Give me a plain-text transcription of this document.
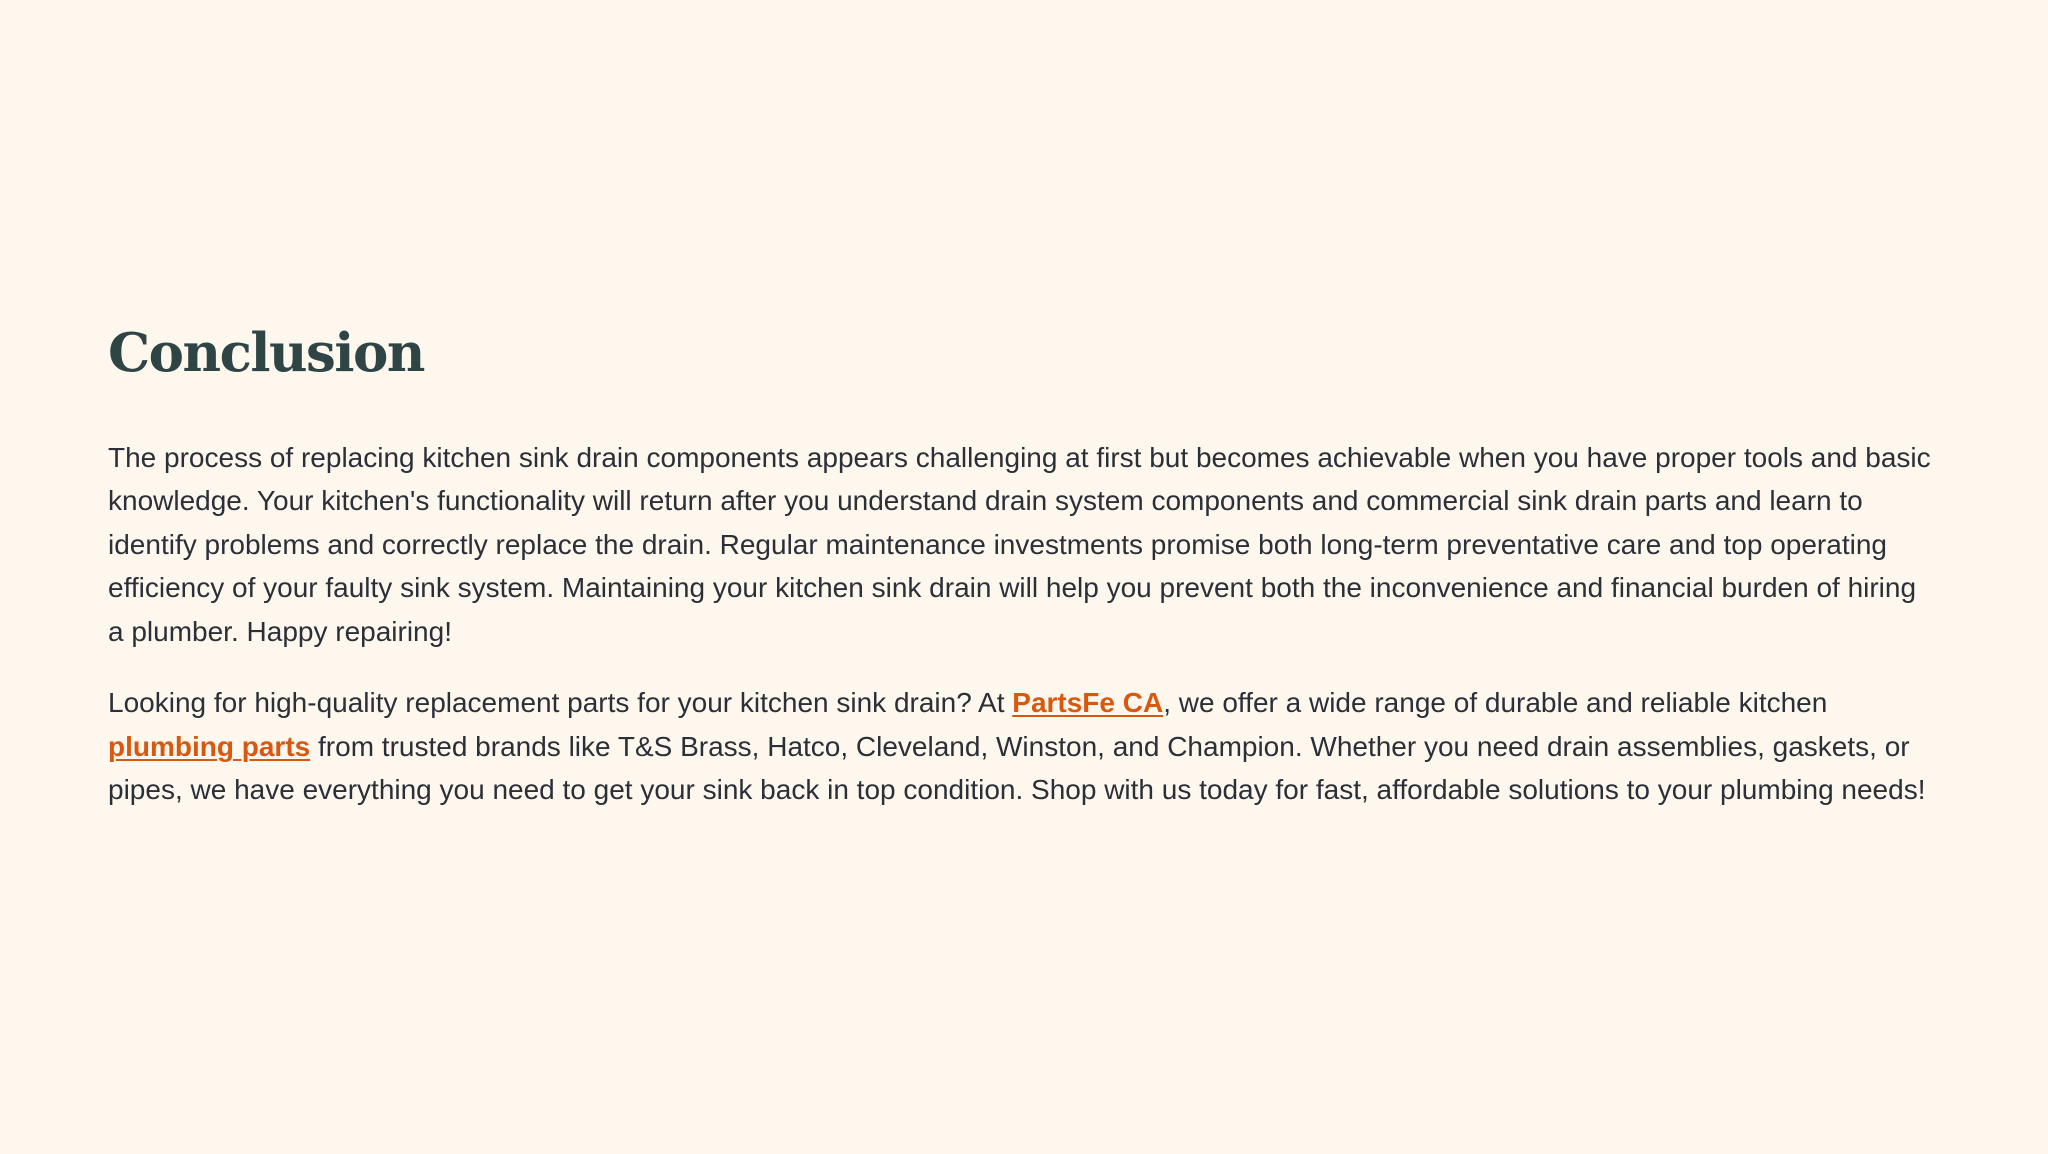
Conclusion

The process of replacing kitchen sink drain components appears challenging at first but becomes achievable when you have proper tools and basic knowledge. Your kitchen's functionality will return after you understand drain system components and commercial sink drain parts and learn to identify problems and correctly replace the drain. Regular maintenance investments promise both long-term preventative care and top operating efficiency of your faulty sink system. Maintaining your kitchen sink drain will help you prevent both the inconvenience and financial burden of hiring a plumber. Happy repairing!

Looking for high-quality replacement parts for your kitchen sink drain? At PartsFe CA, we offer a wide range of durable and reliable kitchen plumbing parts from trusted brands like T&S Brass, Hatco, Cleveland, Winston, and Champion. Whether you need drain assemblies, gaskets, or pipes, we have everything you need to get your sink back in top condition. Shop with us today for fast, affordable solutions to your plumbing needs!
